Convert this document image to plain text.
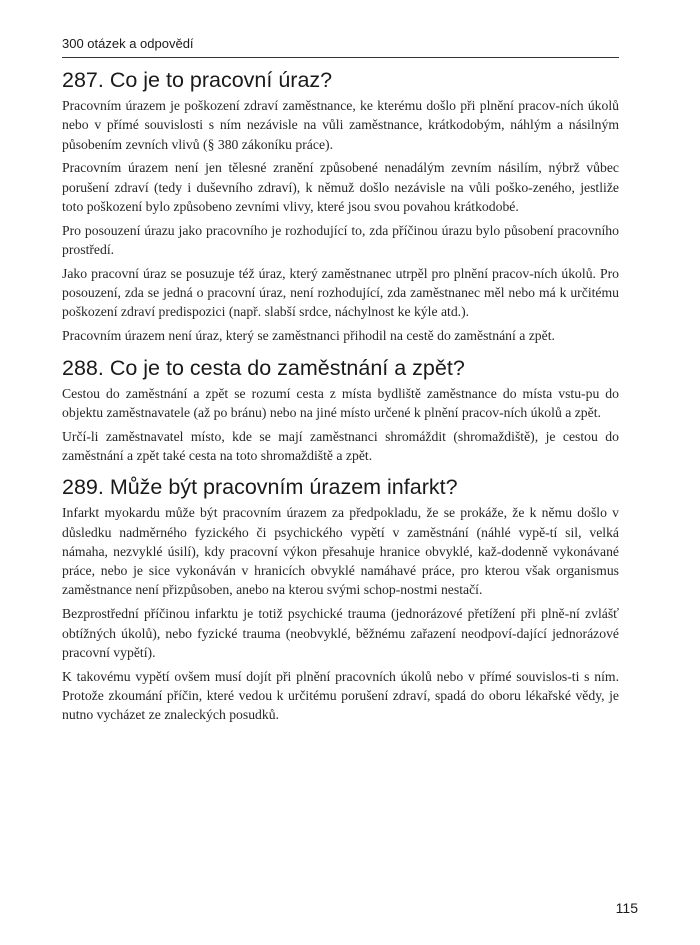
300 otázek a odpovědí
287. Co je to pracovní úraz?

Pracovním úrazem je poškození zdraví zaměstnance, ke kterému došlo při plnění pracov-ních úkolů nebo v přímé souvislosti s ním nezávisle na vůli zaměstnance, krátkodobým, náhlým a násilným působením zevních vlivů (§ 380 zákoníku práce).

Pracovním úrazem není jen tělesné zranění způsobené nenadálým zevním násilím, nýbrž vůbec porušení zdraví (tedy i duševního zdraví), k němuž došlo nezávisle na vůli poško-zeného, jestliže toto poškození bylo způsobeno zevními vlivy, které jsou svou povahou krátkodobé.

Pro posouzení úrazu jako pracovního je rozhodující to, zda příčinou úrazu bylo působení pracovního prostředí.

Jako pracovní úraz se posuzuje též úraz, který zaměstnanec utrpěl pro plnění pracov-ních úkolů. Pro posouzení, zda se jedná o pracovní úraz, není rozhodující, zda zaměstnanec měl nebo má k určitému poškození zdraví predispozici (např. slabší srdce, náchylnost ke kýle atd.).

Pracovním úrazem není úraz, který se zaměstnanci přihodil na cestě do zaměstnání a zpět.

288. Co je to cesta do zaměstnání a zpět?

Cestou do zaměstnání a zpět se rozumí cesta z místa bydliště zaměstnance do místa vstu-pu do objektu zaměstnavatele (až po bránu) nebo na jiné místo určené k plnění pracov-ních úkolů a zpět.

Určí-li zaměstnavatel místo, kde se mají zaměstnanci shromáždit (shromaždiště), je cestou do zaměstnání a zpět také cesta na toto shromaždiště a zpět.

289. Může být pracovním úrazem infarkt?

Infarkt myokardu může být pracovním úrazem za předpokladu, že se prokáže, že k němu došlo v důsledku nadměrného fyzického či psychického vypětí v zaměstnání (náhlé vypě-tí sil, velká námaha, nezvyklé úsilí), kdy pracovní výkon přesahuje hranice obvyklé, kaž-dodenně vykonávané práce, nebo je sice vykonáván v hranicích obvyklé namáhavé práce, pro kterou však organismus zaměstnance není přizpůsoben, anebo na kterou svými schop-nostmi nestačí.

Bezprostřední příčinou infarktu je totiž psychické trauma (jednorázové přetížení při plně-ní zvlášť obtížných úkolů), nebo fyzické trauma (neobvyklé, běžnému zařazení neodpoví-dající jednorázové pracovní vypětí).

K takovému vypětí ovšem musí dojít při plnění pracovních úkolů nebo v přímé souvislos-ti s ním. Protože zkoumání příčin, které vedou k určitému porušení zdraví, spadá do oboru lékařské vědy, je nutno vycházet ze znaleckých posudků.

115
